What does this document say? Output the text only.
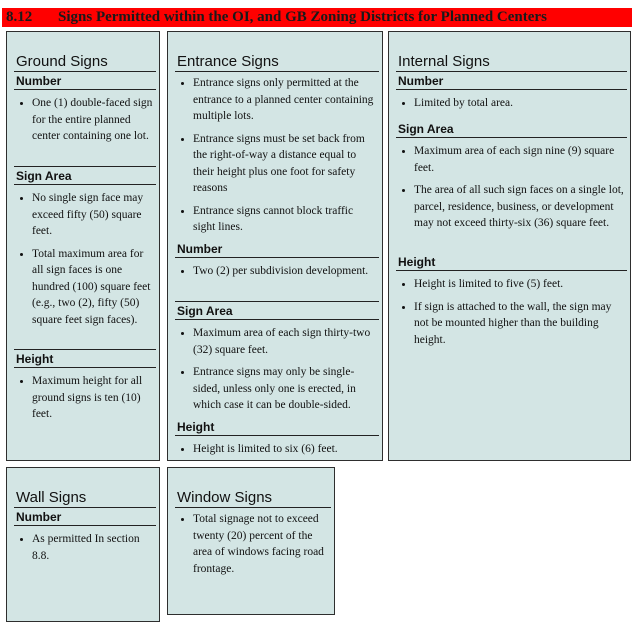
8.12 Signs Permitted within the OI, and GB Zoning Districts for Planned Centers
Ground Signs
Number
• One (1) double-faced sign for the entire planned center containing one lot.
Sign Area
• No single sign face may exceed fifty (50) square feet.
• Total maximum area for all sign faces is one hundred (100) square feet (e.g., two (2), fifty (50) square feet sign faces).
Height
• Maximum height for all ground signs is ten (10) feet.
Entrance Signs
• Entrance signs only permitted at the entrance to a planned center containing multiple lots.
• Entrance signs must be set back from the right-of-way a distance equal to their height plus one foot for safety reasons
• Entrance signs cannot block traffic sight lines.
Number
• Two (2) per subdivision development.
Sign Area
• Maximum area of each sign thirty-two (32) square feet.
• Entrance signs may only be single-sided, unless only one is erected, in which case it can be double-sided.
Height
• Height is limited to six (6) feet.
Internal Signs
Number
• Limited by total area.
Sign Area
• Maximum area of each sign nine (9) square feet.
• The area of all such sign faces on a single lot, parcel, residence, business, or development may not exceed thirty-six (36) square feet.
Height
• Height is limited to five (5) feet.
• If sign is attached to the wall, the sign may not be mounted higher than the building height.
Wall Signs
Number
• As permitted In section 8.8.
Window Signs
• Total signage not to exceed twenty (20) percent of the area of windows facing road frontage.
